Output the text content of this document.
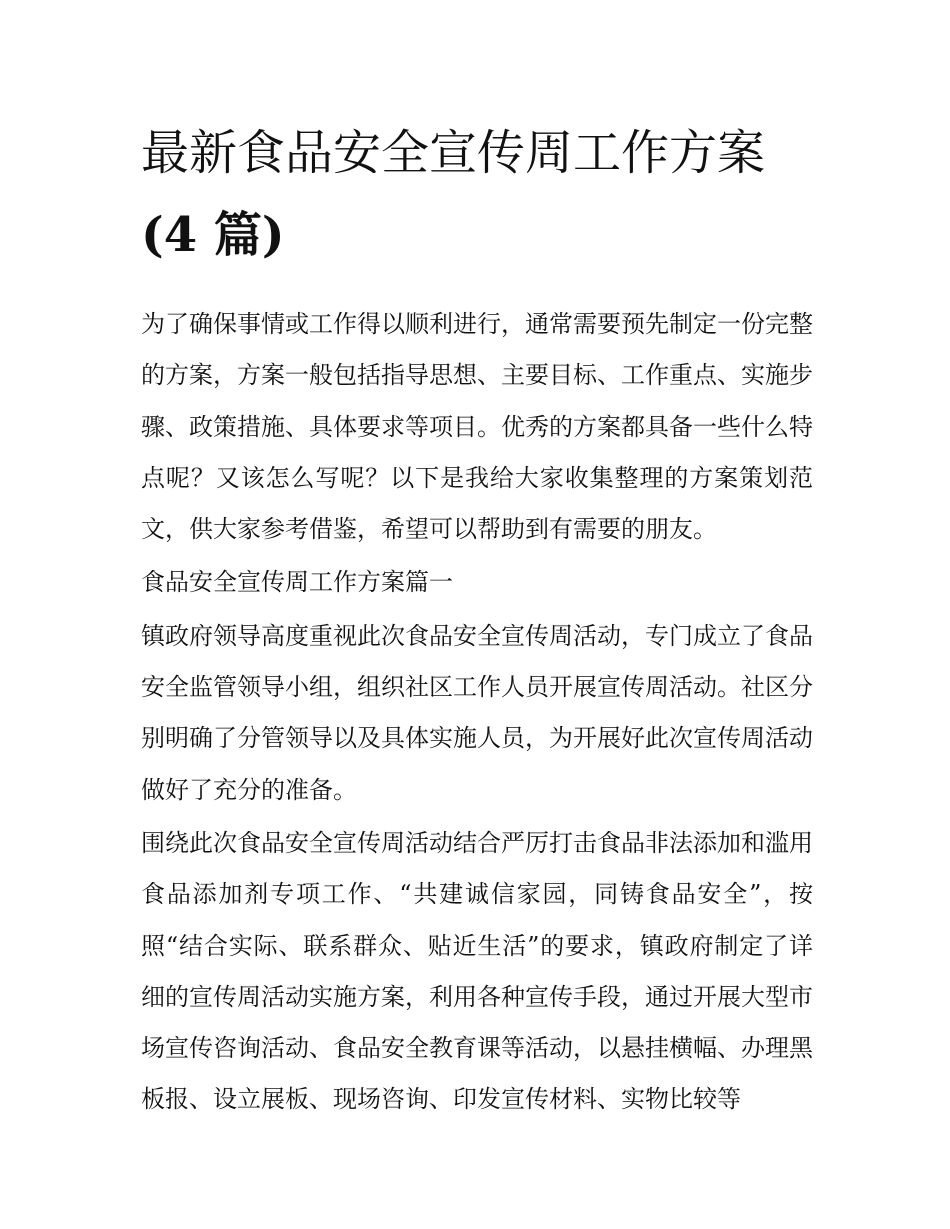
最新食品安全宣传周工作方案
(4 篇)

为了确保事情或工作得以顺利进行，通常需要预先制定一份完整的方案，方案一般包括指导思想、主要目标、工作重点、实施步骤、政策措施、具体要求等项目。优秀的方案都具备一些什么特点呢？又该怎么写呢？以下是我给大家收集整理的方案策划范文，供大家参考借鉴，希望可以帮助到有需要的朋友。

食品安全宣传周工作方案篇一

镇政府领导高度重视此次食品安全宣传周活动，专门成立了食品安全监管领导小组，组织社区工作人员开展宣传周活动。社区分别明确了分管领导以及具体实施人员，为开展好此次宣传周活动做好了充分的准备。

围绕此次食品安全宣传周活动结合严厉打击食品非法添加和滥用食品添加剂专项工作、“共建诚信家园，同铸食品安全”，按照“结合实际、联系群众、贴近生活”的要求，镇政府制定了详细的宣传周活动实施方案，利用各种宣传手段，通过开展大型市场宣传咨询活动、食品安全教育课等活动，以悬挂横幅、办理黑板报、设立展板、现场咨询、印发宣传材料、实物比较等
